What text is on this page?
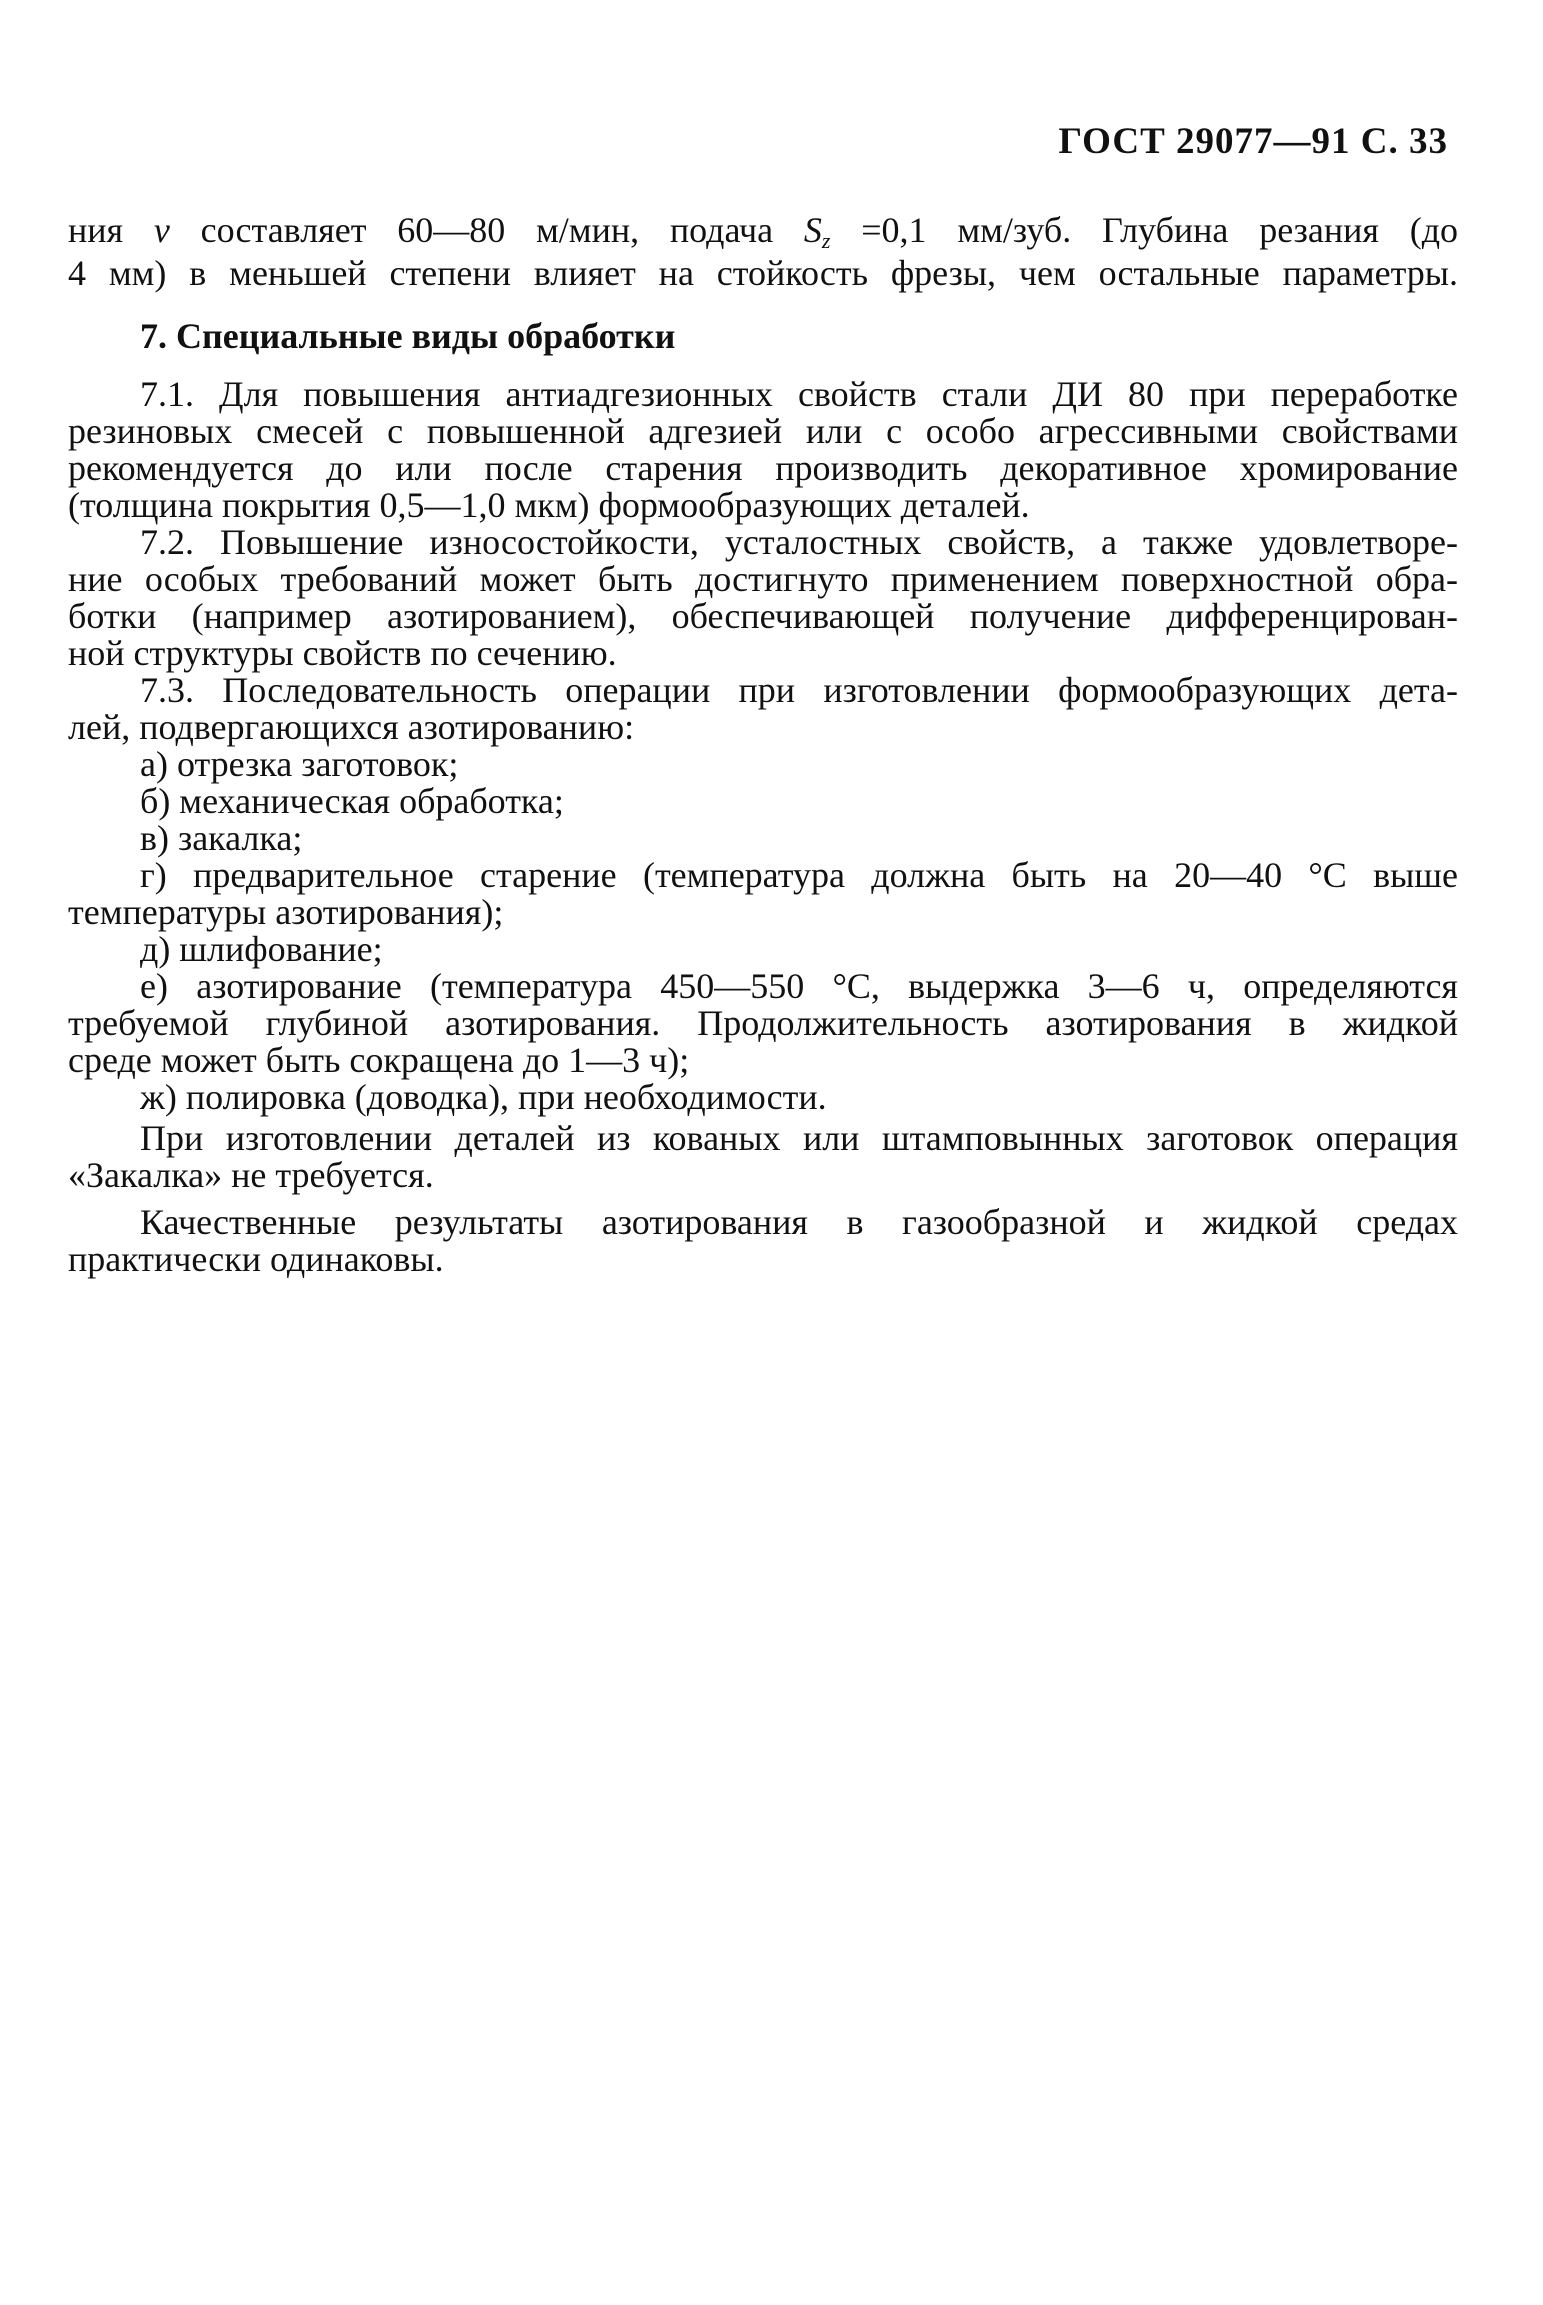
ГОСТ 29077—91 С. 33
ния v составляет 60—80 м/мин, подача $S_z =0,1$ мм/зуб. Глубина резания (до
4 мм) в меньшей степени влияет на стойкость фрезы, чем остальные параметры.
7. Специальные виды обработки
7.1. Для повышения антиадгезионных свойств стали ДИ 80 при переработке
резиновых смесей с повышенной адгезией или с особо агрессивными свойствами
рекомендуется до или после старения производить декоративное хромирование
(толщина покрытия 0,5—1,0 мкм) формообразующих деталей.
7.2. Повышение износостойкости, усталостных свойств, а также удовлетворе-
ние особых требований может быть достигнуто применением поверхностной обра-
ботки (например азотированием), обеспечивающей получение дифференцирован-
ной структуры свойств по сечению.
7.3. Последовательность операции при изготовлении формообразующих дета-
лей, подвергающихся азотированию:
а) отрезка заготовок;
б) механическая обработка;
в) закалка;
г) предварительное старение (температура должна быть на 20—40 °С выше
температуры азотирования);
д) шлифование;
е) азотирование (температура 450—550 °С, выдержка 3—6 ч, определяются
требуемой глубиной азотирования. Продолжительность азотирования в жидкой
среде может быть сокращена до 1—3 ч);
ж) полировка (доводка), при необходимости.
При изготовлении деталей из кованых или штамповынных заготовок операция
«Закалка» не требуется.
Качественные результаты азотирования в газообразной и жидкой средах
практически одинаковы.
